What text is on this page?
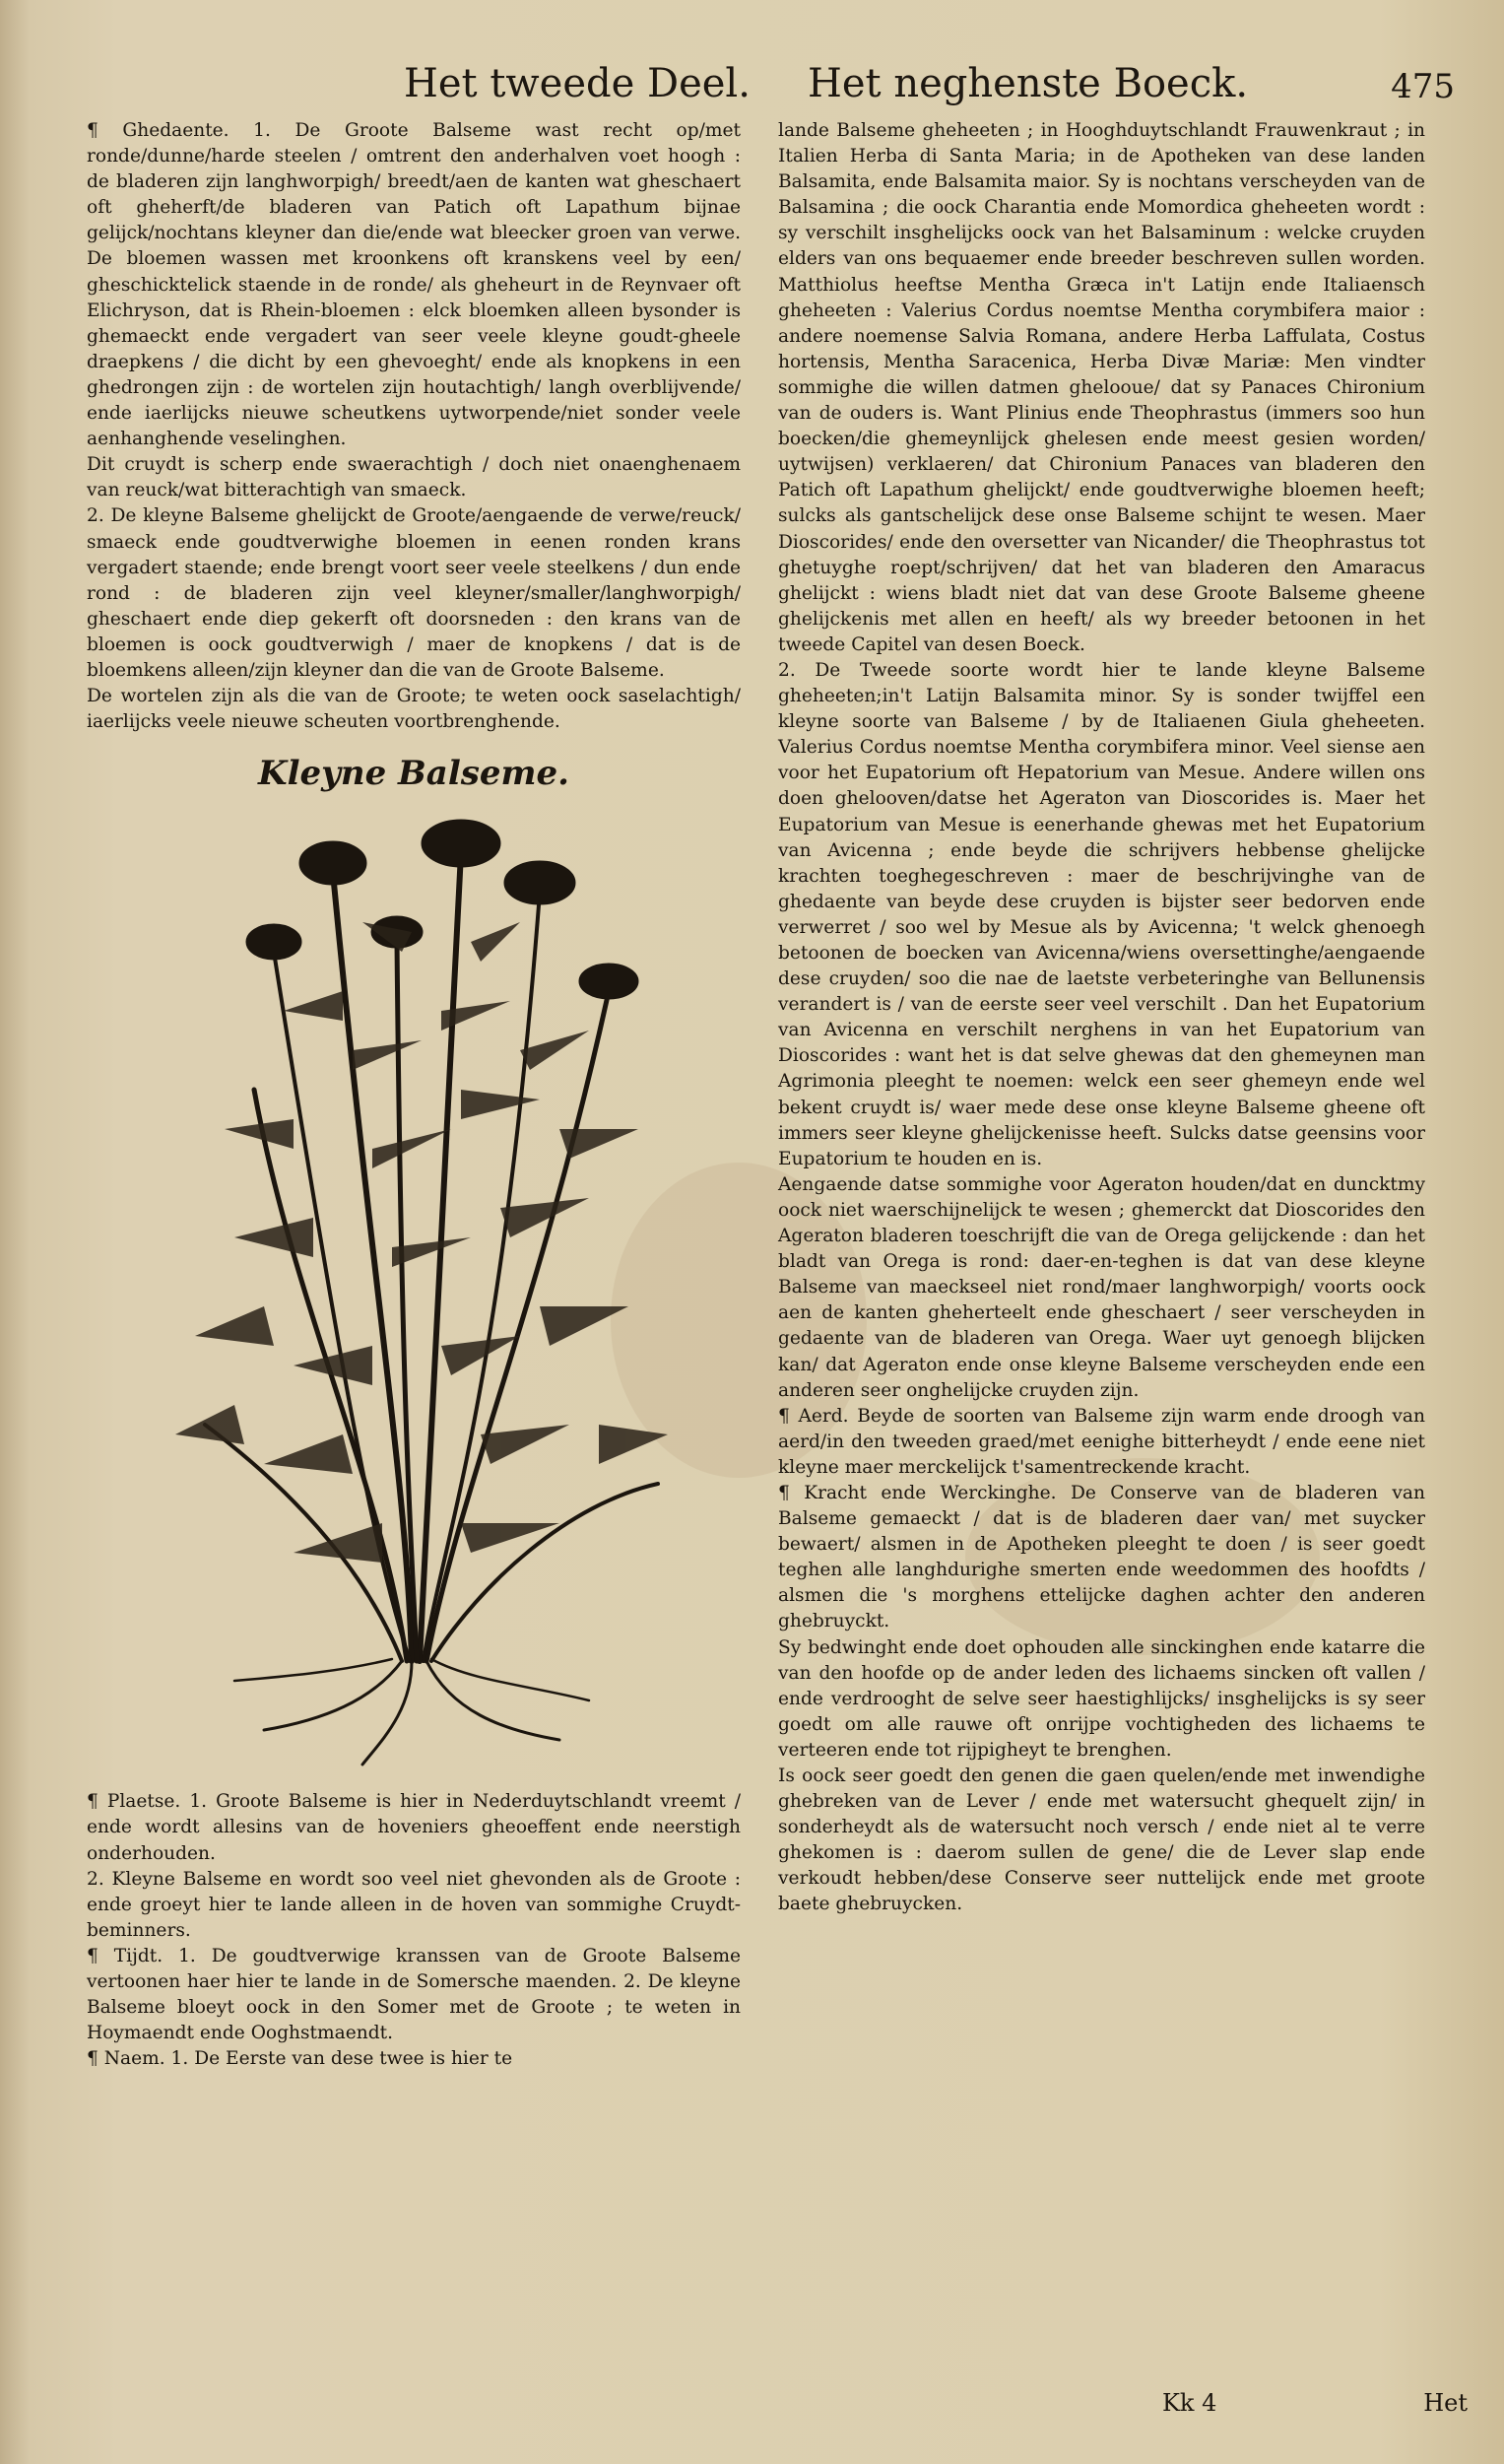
Het tweede Deel. Het neghenste Boeck.	475

¶ Ghedaente. 1. De Groote Balseme wast recht op/met ronde/dunne/harde steelen / omtrent den anderhalven voet hoogh : de bladeren zijn langhworpigh/ breedt/aen de kanten wat gheschaert oft gheherft/de bladeren van Patich oft Lapathum bijnae gelijck/nochtans kleyner dan die/ende wat bleecker groen van verwe. De bloemen wassen met kroonkens oft kranskens veel by een/ gheschicktelick staende in de ronde/ als gheheurt in de Reynvaer oft Elichryson, dat is Rhein-bloemen : elck bloemken alleen bysonder is ghemaeckt ende vergadert van seer veele kleyne goudt-gheele draepkens / die dicht by een ghevoeght/ ende als knopkens in een ghedrongen zijn : de wortelen zijn houtachtigh/ langh overblijvende/ ende iaerlijcks nieuwe scheutkens uytworpende/niet sonder veele aenhanghende veselinghen.

Dit cruydt is scherp ende swaerachtigh / doch niet onaenghenaem van reuck/wat bitterachtigh van smaeck.

2. De kleyne Balseme ghelijckt de Groote/aengaende de verwe/reuck/ smaeck ende goudtverwighe bloemen in eenen ronden krans vergadert staende; ende brengt voort seer veele steelkens / dun ende rond : de bladeren zijn veel kleyner/smaller/langhworpigh/ gheschaert ende diep gekerft oft doorsneden : den krans van de bloemen is oock goudtverwigh / maer de knopkens / dat is de bloemkens alleen/zijn kleyner dan die van de Groote Balseme.

De wortelen zijn als die van de Groote; te weten oock saselachtigh/ iaerlijcks veele nieuwe scheuten voortbrenghende.

Kleyne Balseme.

¶ Plaetse. 1. Groote Balseme is hier in Nederduytschlandt vreemt / ende wordt allesins van de hoveniers gheoeffent ende neerstigh onderhouden.

2. Kleyne Balseme en wordt soo veel niet ghevonden als de Groote : ende groeyt hier te lande alleen in de hoven van sommighe Cruydt-beminners.

¶ Tijdt. 1. De goudtverwige kranssen van de Groote Balseme vertoonen haer hier te lande in de Somersche maenden. 2. De kleyne Balseme bloeyt oock in den Somer met de Groote ; te weten in Hoymaendt ende Ooghstmaendt.

¶ Naem. 1. De Eerste van dese twee is hier te

lande Balseme gheheeten ; in Hooghduytschlandt Frauwenkraut ; in Italien Herba di Santa Maria; in de Apotheken van dese landen Balsamita, ende Balsamita maior. Sy is nochtans verscheyden van de Balsamina ; die oock Charantia ende Momordica gheheeten wordt : sy verschilt insghelijcks oock van het Balsaminum : welcke cruyden elders van ons bequaemer ende breeder beschreven sullen worden. Matthiolus heeftse Mentha Græca in't Latijn ende Italiaensch gheheeten : Valerius Cordus noemtse Mentha corymbifera maior : andere noemense Salvia Romana, andere Herba Laffulata, Costus hortensis, Mentha Saracenica, Herba Divæ Mariæ: Men vindter sommighe die willen datmen ghelooue/ dat sy Panaces Chironium van de ouders is. Want Plinius ende Theophrastus (immers soo hun boecken/die ghemeynlijck ghelesen ende meest gesien worden/ uytwijsen) verklaeren/ dat Chironium Panaces van bladeren den Patich oft Lapathum ghelijckt/ ende goudtverwighe bloemen heeft; sulcks als gantschelijck dese onse Balseme schijnt te wesen. Maer Dioscorides/ ende den oversetter van Nicander/ die Theophrastus tot ghetuyghe roept/schrijven/ dat het van bladeren den Amaracus ghelijckt : wiens bladt niet dat van dese Groote Balseme gheene ghelijckenis met allen en heeft/ als wy breeder betoonen in het tweede Capitel van desen Boeck.

2. De Tweede soorte wordt hier te lande kleyne Balseme gheheeten;in't Latijn Balsamita minor. Sy is sonder twijffel een kleyne soorte van Balseme / by de Italiaenen Giula gheheeten. Valerius Cordus noemtse Mentha corymbifera minor. Veel siense aen voor het Eupatorium oft Hepatorium van Mesue. Andere willen ons doen ghelooven/datse het Ageraton van Dioscorides is. Maer het Eupatorium van Mesue is eenerhande ghewas met het Eupatorium van Avicenna ; ende beyde die schrijvers hebbense ghelijcke krachten toeghegeschreven : maer de beschrijvinghe van de ghedaente van beyde dese cruyden is bijster seer bedorven ende verwerret / soo wel by Mesue als by Avicenna; 't welck ghenoegh betoonen de boecken van Avicenna/wiens oversettinghe/aengaende dese cruyden/ soo die nae de laetste verbeteringhe van Bellunensis verandert is / van de eerste seer veel verschilt . Dan het Eupatorium van Avicenna en verschilt nerghens in van het Eupatorium van Dioscorides : want het is dat selve ghewas dat den ghemeynen man Agrimonia pleeght te noemen: welck een seer ghemeyn ende wel bekent cruydt is/ waer mede dese onse kleyne Balseme gheene oft immers seer kleyne ghelijckenisse heeft. Sulcks datse geensins voor Eupatorium te houden en is.

Aengaende datse sommighe voor Ageraton houden/dat en duncktmy oock niet waerschijnelijck te wesen ; ghemerckt dat Dioscorides den Ageraton bladeren toeschrijft die van de Orega gelijckende : dan het bladt van Orega is rond: daer-en-teghen is dat van dese kleyne Balseme van maeckseel niet rond/maer langhworpigh/ voorts oock aen de kanten gheherteelt ende gheschaert / seer verscheyden in gedaente van de bladeren van Orega. Waer uyt genoegh blijcken kan/ dat Ageraton ende onse kleyne Balseme verscheyden ende een anderen seer onghelijcke cruyden zijn.

¶ Aerd. Beyde de soorten van Balseme zijn warm ende droogh van aerd/in den tweeden graed/met eenighe bitterheydt / ende eene niet kleyne maer merckelijck t'samentreckende kracht.

¶ Kracht ende Werckinghe. De Conserve van de bladeren van Balseme gemaeckt / dat is de bladeren daer van/ met suycker bewaert/ alsmen in de Apotheken pleeght te doen / is seer goedt teghen alle langhdurighe smerten ende weedommen des hoofdts / alsmen die 's morghens ettelijcke daghen achter den anderen ghebruyckt.

Sy bedwinght ende doet ophouden alle sinckinghen ende katarre die van den hoofde op de ander leden des lichaems sincken oft vallen / ende verdrooght de selve seer haestighlijcks/ insghelijcks is sy seer goedt om alle rauwe oft onrijpe vochtigheden des lichaems te verteeren ende tot rijpigheyt te brenghen.

Is oock seer goedt den genen die gaen quelen/ende met inwendighe ghebreken van de Lever / ende met watersucht ghequelt zijn/ in sonderheydt als de watersucht noch versch / ende niet al te verre ghekomen is : daerom sullen de gene/ die de Lever slap ende verkoudt hebben/dese Conserve seer nuttelijck ende met groote baete ghebruycken.

Kk 4	Het
